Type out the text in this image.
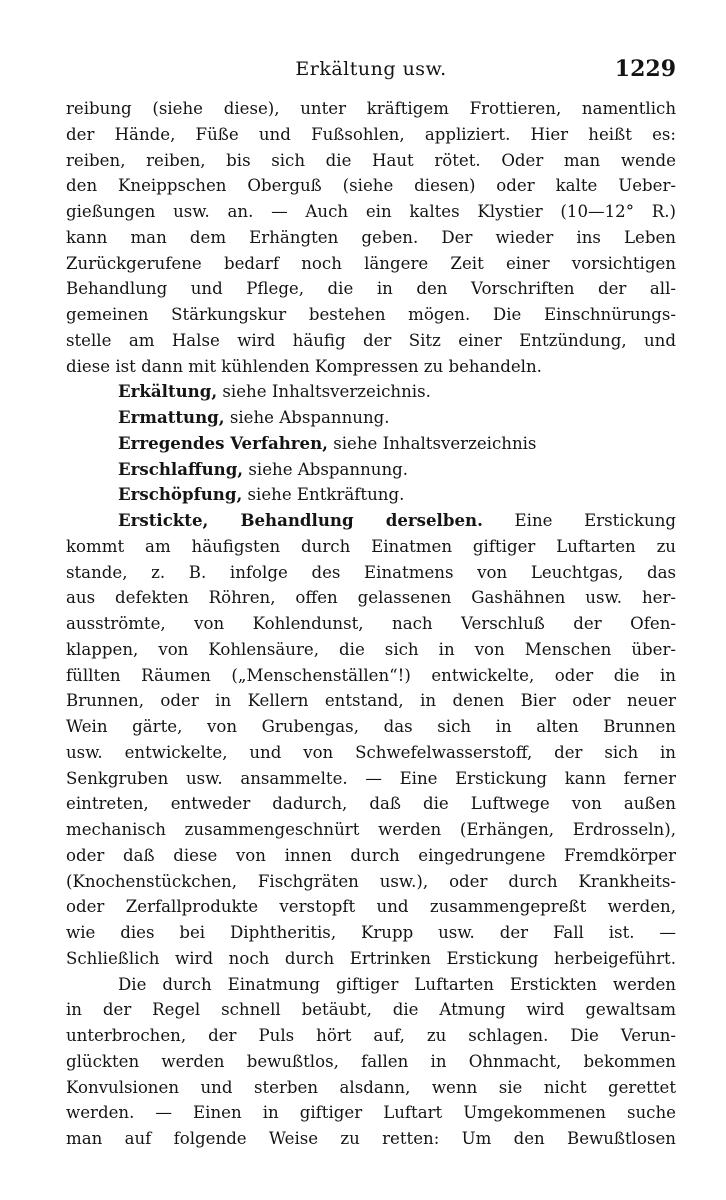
Erkältung usw.	1229
reibung (siehe diese), unter kräftigem Frottieren, namentlich
der Hände, Füße und Fußsohlen, appliziert. Hier heißt es:
reiben, reiben, bis sich die Haut rötet. Oder man wende
den Kneippschen Oberguß (siehe diesen) oder kalte Ueber-
gießungen usw. an. — Auch ein kaltes Klystier (10—12° R.)
kann man dem Erhängten geben. Der wieder ins Leben
Zurückgerufene bedarf noch längere Zeit einer vorsichtigen
Behandlung und Pflege, die in den Vorschriften der all-
gemeinen Stärkungskur bestehen mögen. Die Einschnürungs-
stelle am Halse wird häufig der Sitz einer Entzündung, und
diese ist dann mit kühlenden Kompressen zu behandeln.
Erkältung, siehe Inhaltsverzeichnis.
Ermattung, siehe Abspannung.
Erregendes Verfahren, siehe Inhaltsverzeichnis
Erschlaffung, siehe Abspannung.
Erschöpfung, siehe Entkräftung.
Erstickte, Behandlung derselben. Eine Erstickung
kommt am häufigsten durch Einatmen giftiger Luftarten zu
stande, z. B. infolge des Einatmens von Leuchtgas, das
aus defekten Röhren, offen gelassenen Gashähnen usw. her-
ausströmte, von Kohlendunst, nach Verschluß der Ofen-
klappen, von Kohlensäure, die sich in von Menschen über-
füllten Räumen („Menschenställen“!) entwickelte, oder die in
Brunnen, oder in Kellern entstand, in denen Bier oder neuer
Wein gärte, von Grubengas, das sich in alten Brunnen
usw. entwickelte, und von Schwefelwasserstoff, der sich in
Senkgruben usw. ansammelte. — Eine Erstickung kann ferner
eintreten, entweder dadurch, daß die Luftwege von außen
mechanisch zusammengeschnürt werden (Erhängen, Erdrosseln),
oder daß diese von innen durch eingedrungene Fremdkörper
(Knochenstückchen, Fischgräten usw.), oder durch Krankheits-
oder Zerfallprodukte verstopft und zusammengepreßt werden,
wie dies bei Diphtheritis, Krupp usw. der Fall ist. —
Schließlich wird noch durch Ertrinken Erstickung herbeigeführt.
Die durch Einatmung giftiger Luftarten Erstickten werden
in der Regel schnell betäubt, die Atmung wird gewaltsam
unterbrochen, der Puls hört auf, zu schlagen. Die Verun-
glückten werden bewußtlos, fallen in Ohnmacht, bekommen
Konvulsionen und sterben alsdann, wenn sie nicht gerettet
werden. — Einen in giftiger Luftart Umgekommenen suche
man auf folgende Weise zu retten: Um den Bewußtlosen
